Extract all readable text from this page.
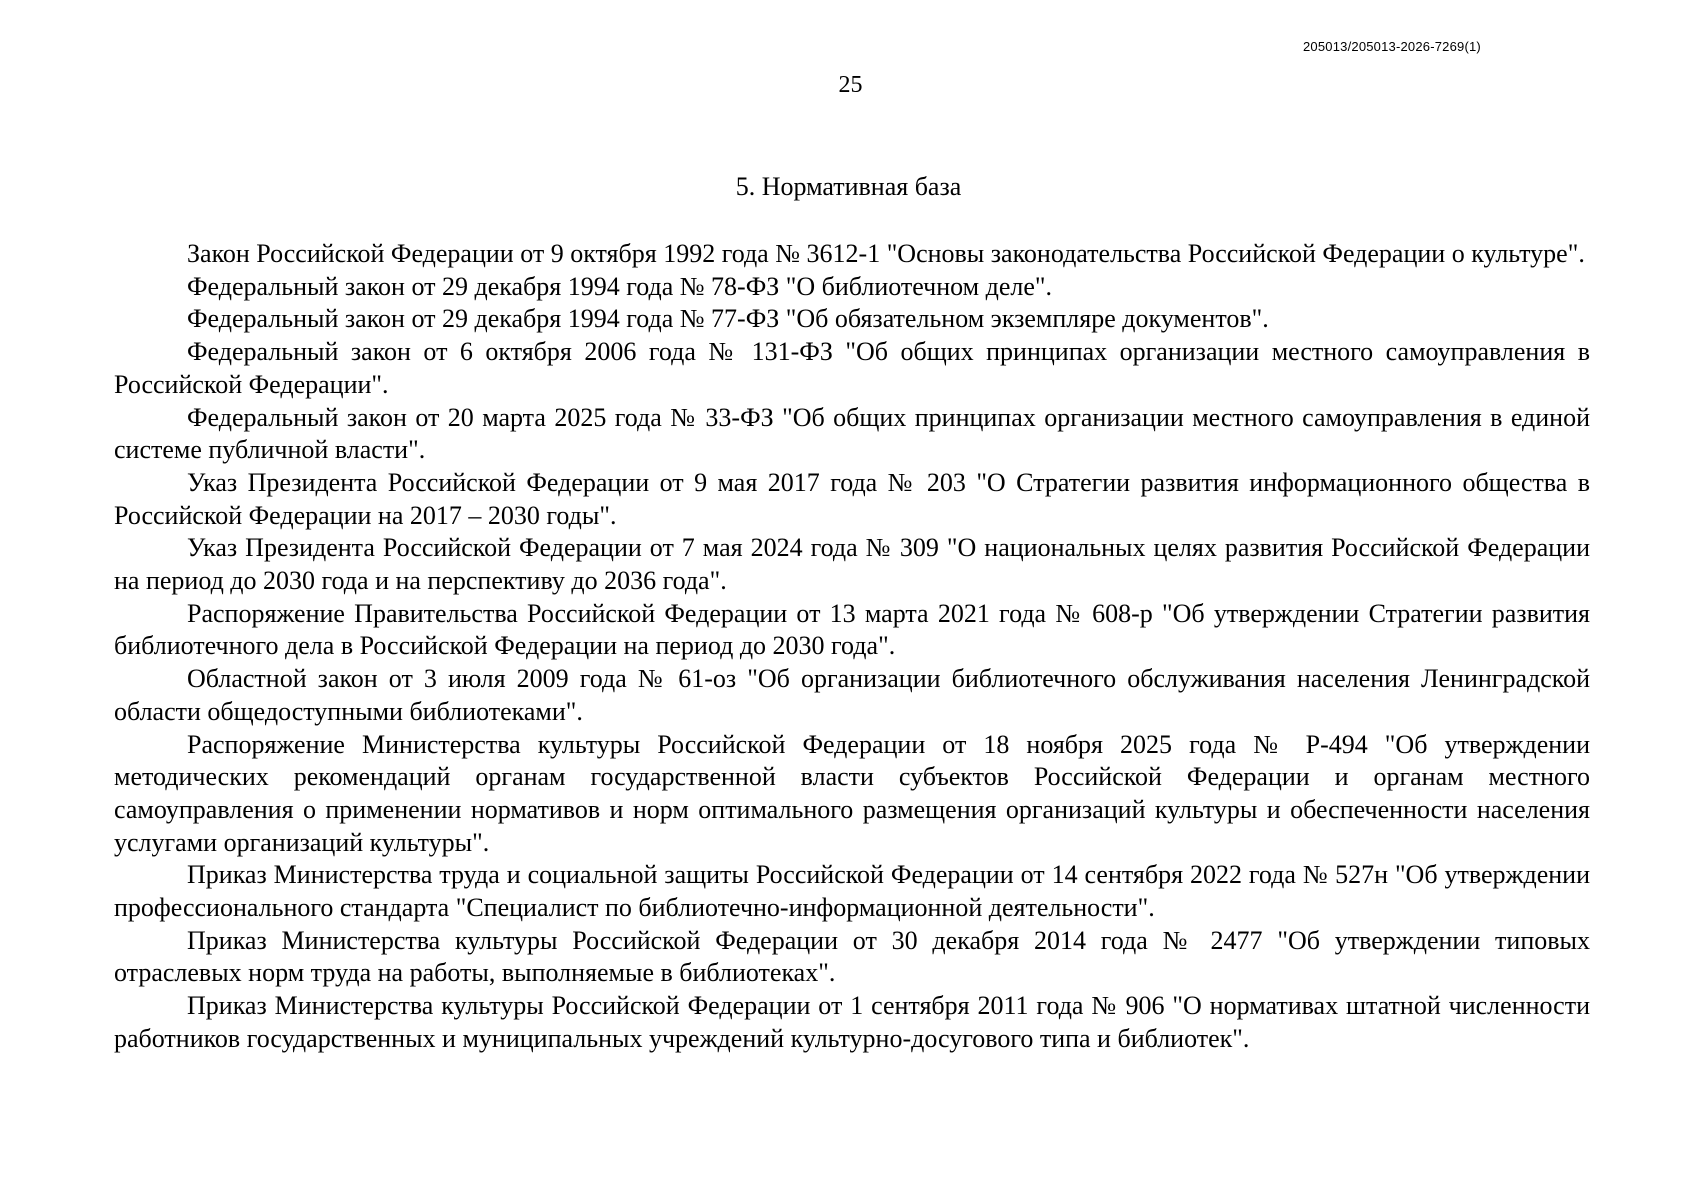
205013/205013-2026-7269(1)
25
5. Нормативная база

Закон Российской Федерации от 9 октября 1992 года № 3612-1 "Основы законодательства Российской Федерации о культуре".

Федеральный закон от 29 декабря 1994 года № 78-ФЗ "О библиотечном деле".

Федеральный закон от 29 декабря 1994 года № 77-ФЗ "Об обязательном экземпляре документов".

Федеральный закон от 6 октября 2006 года № 131-ФЗ "Об общих принципах организации местного самоуправления в Российской Федерации".

Федеральный закон от 20 марта 2025 года № 33-ФЗ "Об общих принципах организации местного самоуправления в единой системе публичной власти".

Указ Президента Российской Федерации от 9 мая 2017 года № 203 "О Стратегии развития информационного общества в Российской Федерации на 2017 – 2030 годы".

Указ Президента Российской Федерации от 7 мая 2024 года № 309 "О национальных целях развития Российской Федерации на период до 2030 года и на перспективу до 2036 года".

Распоряжение Правительства Российской Федерации от 13 марта 2021 года № 608-р "Об утверждении Стратегии развития библиотечного дела в Российской Федерации на период до 2030 года".

Областной закон от 3 июля 2009 года № 61-оз "Об организации библиотечного обслуживания населения Ленинградской области общедоступными библиотеками".

Распоряжение Министерства культуры Российской Федерации от 18 ноября 2025 года № Р-494 "Об утверждении методических рекомендаций органам государственной власти субъектов Российской Федерации и органам местного самоуправления о применении нормативов и норм оптимального размещения организаций культуры и обеспеченности населения услугами организаций культуры".

Приказ Министерства труда и социальной защиты Российской Федерации от 14 сентября 2022 года № 527н "Об утверждении профессионального стандарта "Специалист по библиотечно-информационной деятельности".

Приказ Министерства культуры Российской Федерации от 30 декабря 2014 года № 2477 "Об утверждении типовых отраслевых норм труда на работы, выполняемые в библиотеках".

Приказ Министерства культуры Российской Федерации от 1 сентября 2011 года № 906 "О нормативах штатной численности работников государственных и муниципальных учреждений культурно-досугового типа и библиотек".
